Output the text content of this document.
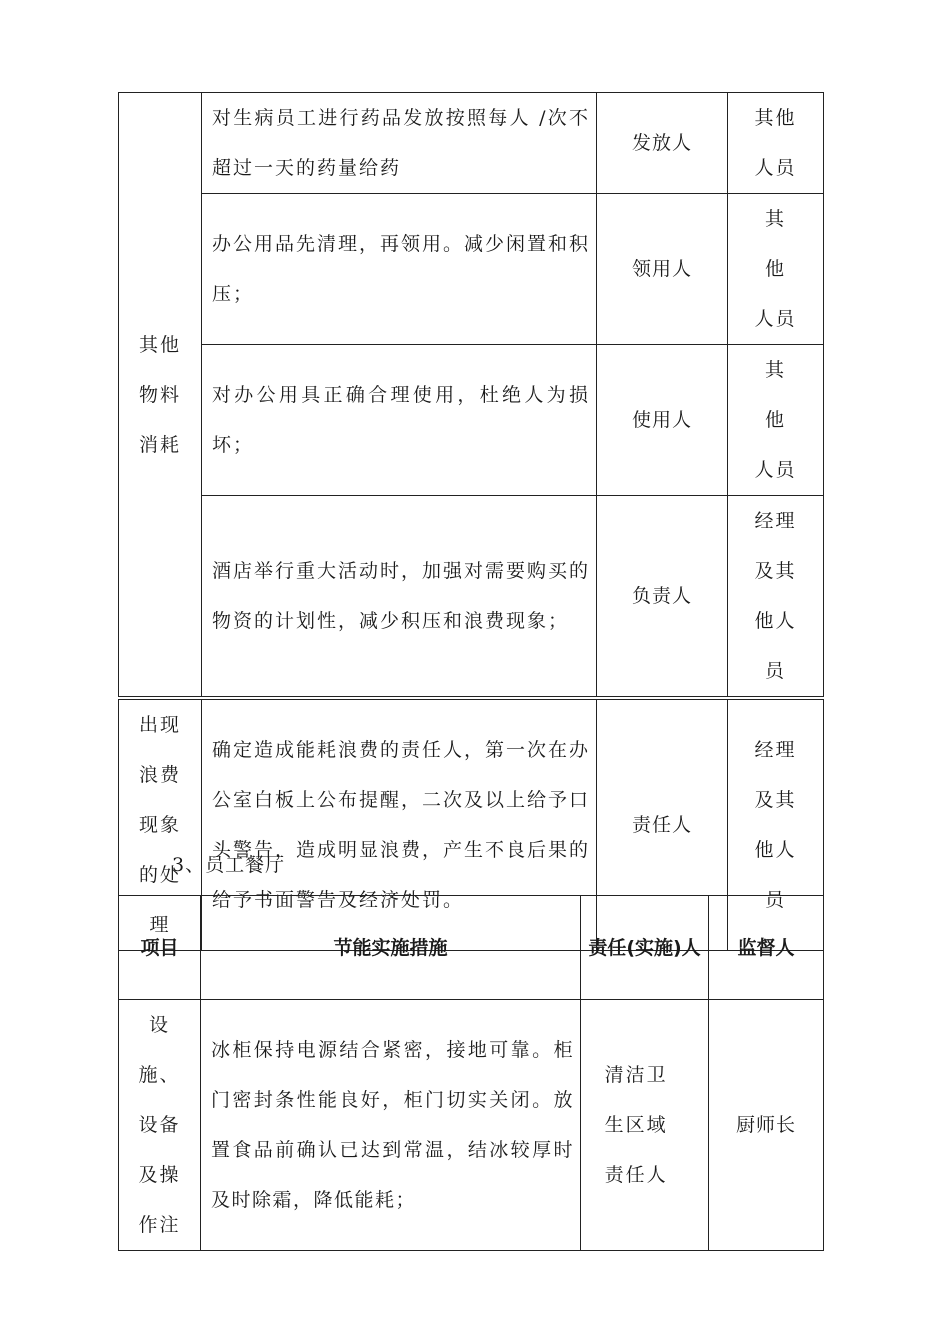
其他物料消耗	对生病员工进行药品发放按照每人 /次不超过一天的药量给药	发放人	其他人员

	办公用品先清理，再领用。减少闲置和积压；	领用人	其 他 人员

	对办公用具正确合理使用，杜绝人为损坏；	使用人	其 他 人员

	酒店举行重大活动时，加强对需要购买的物资的计划性，减少积压和浪费现象；	负责人	经理及其他人员

出现浪费现象的处理	确定造成能耗浪费的责任人，第一次在办公室白板上公布提醒，二次及以上给予口头警告，造成明显浪费，产生不良后果的给予书面警告及经济处罚。	责任人	经理及其他人员
3、员工餐厅
项目	节能实施措施	责任(实施)人	监督人

设施、设备及操作注	冰柜保持电源结合紧密，接地可靠。柜门密封条性能良好，柜门切实关闭。放置食品前确认已达到常温，结冰较厚时及时除霜，降低能耗；	清洁卫生区域责任人	厨师长
